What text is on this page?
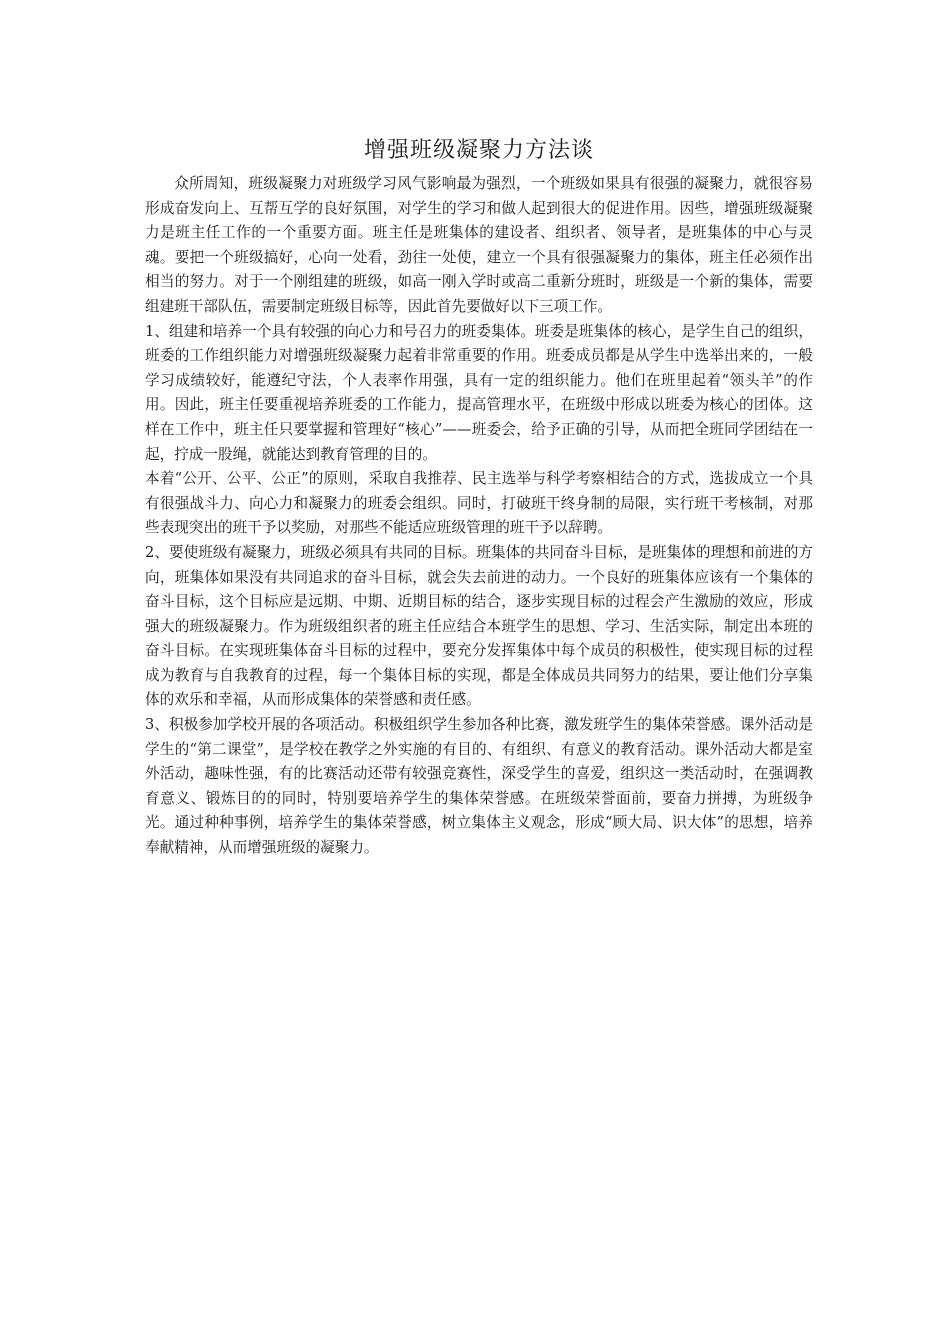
增强班级凝聚力方法谈

众所周知，班级凝聚力对班级学习风气影响最为强烈，一个班级如果具有很强的凝聚力，就很容易形成奋发向上、互帮互学的良好氛围，对学生的学习和做人起到很大的促进作用。因些，增强班级凝聚力是班主任工作的一个重要方面。班主任是班集体的建设者、组织者、领导者，是班集体的中心与灵魂。要把一个班级搞好，心向一处看，劲往一处使，建立一个具有很强凝聚力的集体，班主任必须作出相当的努力。对于一个刚组建的班级，如高一刚入学时或高二重新分班时，班级是一个新的集体，需要组建班干部队伍，需要制定班级目标等，因此首先要做好以下三项工作。

1、组建和培养一个具有较强的向心力和号召力的班委集体。班委是班集体的核心，是学生自己的组织，班委的工作组织能力对增强班级凝聚力起着非常重要的作用。班委成员都是从学生中选举出来的，一般学习成绩较好，能遵纪守法，个人表率作用强，具有一定的组织能力。他们在班里起着“领头羊”的作用。因此，班主任要重视培养班委的工作能力，提高管理水平，在班级中形成以班委为核心的团体。这样在工作中，班主任只要掌握和管理好“核心”——班委会，给予正确的引导，从而把全班同学团结在一起，拧成一股绳，就能达到教育管理的目的。

本着“公开、公平、公正”的原则，采取自我推荐、民主选举与科学考察相结合的方式，选拔成立一个具有很强战斗力、向心力和凝聚力的班委会组织。同时，打破班干终身制的局限，实行班干考核制，对那些表现突出的班干予以奖励，对那些不能适应班级管理的班干予以辞聘。

2、要使班级有凝聚力，班级必须具有共同的目标。班集体的共同奋斗目标，是班集体的理想和前进的方向，班集体如果没有共同追求的奋斗目标，就会失去前进的动力。一个良好的班集体应该有一个集体的奋斗目标，这个目标应是远期、中期、近期目标的结合，逐步实现目标的过程会产生激励的效应，形成强大的班级凝聚力。作为班级组织者的班主任应结合本班学生的思想、学习、生活实际，制定出本班的奋斗目标。在实现班集体奋斗目标的过程中，要充分发挥集体中每个成员的积极性，使实现目标的过程成为教育与自我教育的过程，每一个集体目标的实现，都是全体成员共同努力的结果，要让他们分享集体的欢乐和幸福，从而形成集体的荣誉感和责任感。

3、积极参加学校开展的各项活动。积极组织学生参加各种比赛，激发班学生的集体荣誉感。课外活动是学生的“第二课堂”，是学校在教学之外实施的有目的、有组织、有意义的教育活动。课外活动大都是室外活动，趣味性强，有的比赛活动还带有较强竞赛性，深受学生的喜爱，组织这一类活动时，在强调教育意义、锻炼目的的同时，特别要培养学生的集体荣誉感。在班级荣誉面前，要奋力拼搏，为班级争光。通过种种事例，培养学生的集体荣誉感，树立集体主义观念，形成“顾大局、识大体”的思想，培养奉献精神，从而增强班级的凝聚力。
